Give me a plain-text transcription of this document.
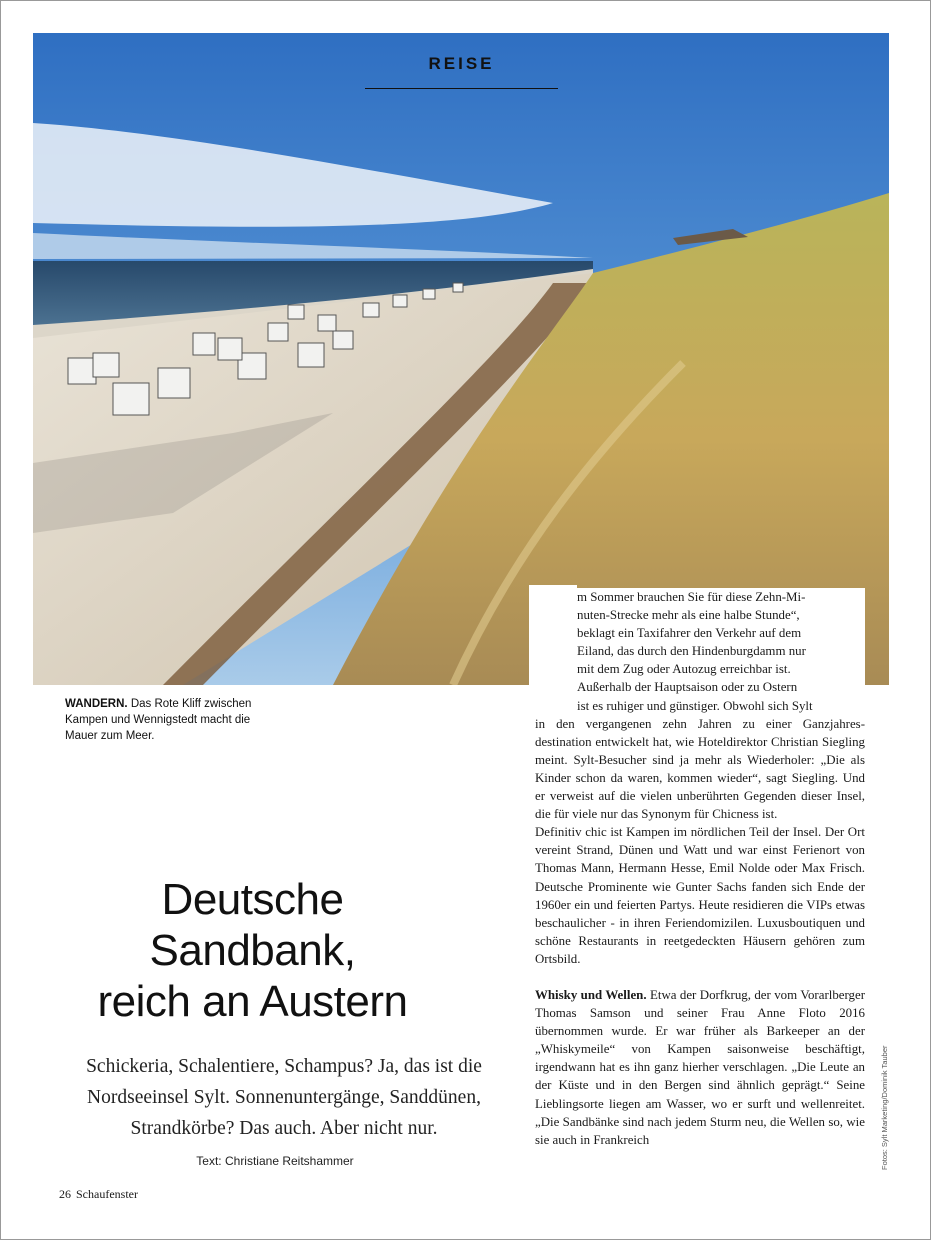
REISE
WANDERN. Das Rote Kliff zwischen Kampen und Wennigstedt macht die Mauer zum Meer.
Deutsche
Sandbank,
reich an Austern
Schickeria, Schalentiere, Schampus? Ja, das ist die Nordseeinsel Sylt. Sonnenuntergänge, Sanddünen, Strandkörbe? Das auch. Aber nicht nur.
Text: Christiane Reitshammer
26 Schaufenster
m Sommer brauchen Sie für diese Zehn-Mi-
nuten-Strecke mehr als eine halbe Stunde“,
beklagt ein Taxifahrer den Verkehr auf dem
Eiland, das durch den Hindenburgdamm nur
mit dem Zug oder Autozug erreichbar ist.
Außerhalb der Hauptsaison oder zu Ostern
ist es ruhiger und günstiger. Obwohl sich Sylt

in den vergangenen zehn Jahren zu einer Ganzjahres-destination entwickelt hat, wie Hoteldirektor Christian Siegling meint. Sylt-Besucher sind ja mehr als Wiederholer: „Die als Kinder schon da waren, kommen wieder“, sagt Siegling. Und er verweist auf die vielen unberührten Gegenden dieser Insel, die für viele nur das Synonym für Chicness ist.

Definitiv chic ist Kampen im nördlichen Teil der Insel. Der Ort vereint Strand, Dünen und Watt und war einst Ferienort von Thomas Mann, Hermann Hesse, Emil Nolde oder Max Frisch. Deutsche Prominente wie Gunter Sachs fanden sich Ende der 1960er ein und feierten Partys. Heute residieren die VIPs etwas beschaulicher - in ihren Feriendomizilen. Luxusboutiquen und schöne Restaurants in reetgedeckten Häusern gehören zum Ortsbild.

Whisky und Wellen. Etwa der Dorfkrug, der vom Vorarlberger Thomas Samson und seiner Frau Anne Floto 2016 übernommen wurde. Er war früher als Barkeeper an der „Whiskymeile“ von Kampen saisonweise beschäftigt, irgendwann hat es ihn ganz hierher verschlagen. „Die Leute an der Küste und in den Bergen sind ähnlich geprägt.“ Seine Lieblingsorte liegen am Wasser, wo er surft und wellenreitet. „Die Sandbänke sind nach jedem Sturm neu, die Wellen so, wie sie auch in Frankreich	Fotos: Sylt Marketing/Dominik Tauber
